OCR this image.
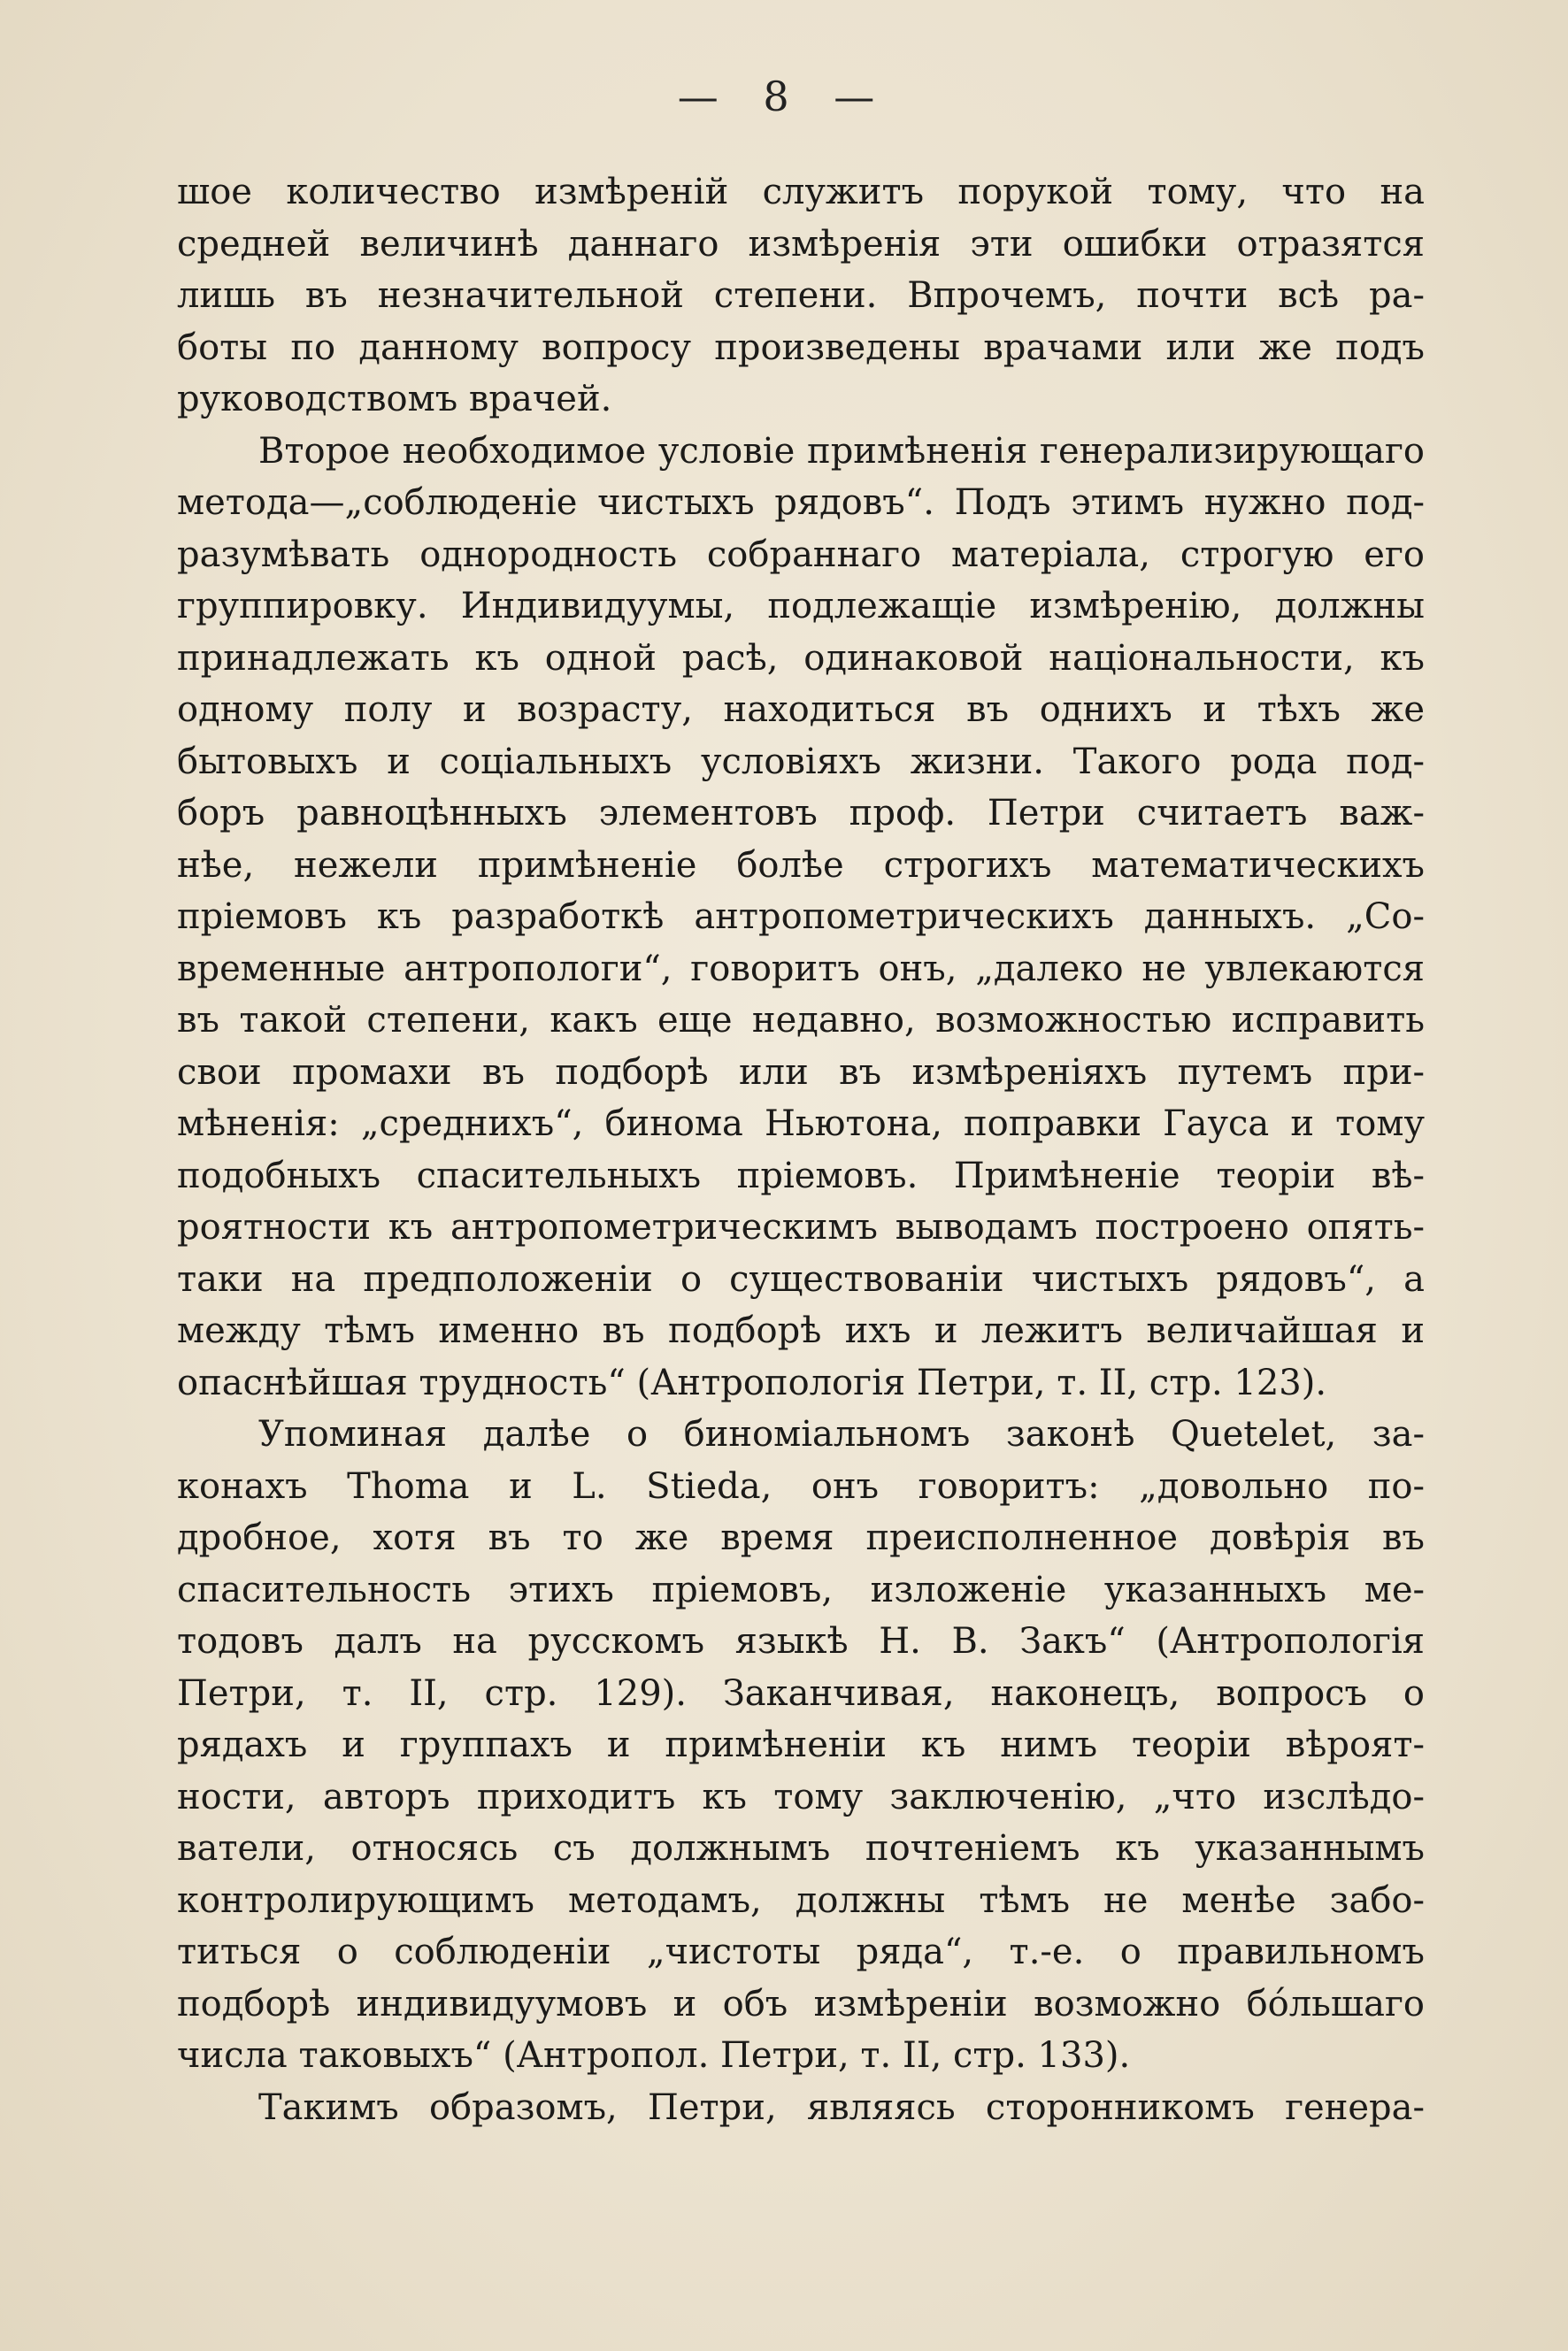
— 8 —
шое количество измѣреній служитъ порукой тому, что на
средней величинѣ даннаго измѣренія эти ошибки отразятся
лишь въ незначительной степени. Впрочемъ, почти всѣ ра-
боты по данному вопросу произведены врачами или же подъ
руководствомъ врачей.
Второе необходимое условіе примѣненія генерализирующаго
метода—„соблюденіе чистыхъ рядовъ“. Подъ этимъ нужно под-
разумѣвать однородность собраннаго матеріала, строгую его
группировку. Индивидуумы, подлежащіе измѣренію, должны
принадлежать къ одной расѣ, одинаковой національности, къ
одному полу и возрасту, находиться въ однихъ и тѣхъ же
бытовыхъ и соціальныхъ условіяхъ жизни. Такого рода под-
боръ равноцѣнныхъ элементовъ проф. Петри считаетъ важ-
нѣе, нежели примѣненіе болѣе строгихъ математическихъ
пріемовъ къ разработкѣ антропометрическихъ данныхъ. „Со-
временные антропологи“, говоритъ онъ, „далеко не увлекаются
въ такой степени, какъ еще недавно, возможностью исправить
свои промахи въ подборѣ или въ измѣреніяхъ путемъ при-
мѣненія: „среднихъ“, бинома Ньютона, поправки Гауса и тому
подобныхъ спасительныхъ пріемовъ. Примѣненіе теоріи вѣ-
роятности къ антропометрическимъ выводамъ построено опять-
таки на предположеніи о существованіи чистыхъ рядовъ“, а
между тѣмъ именно въ подборѣ ихъ и лежитъ величайшая и
опаснѣйшая трудность“ (Антропологія Петри, т. II, стр. 123).
Упоминая далѣе о биноміальномъ законѣ Quetelet, за-
конахъ Thoma и L. Stieda, онъ говоритъ: „довольно по-
дробное, хотя въ то же время преисполненное довѣрія въ
спасительность этихъ пріемовъ, изложеніе указанныхъ ме-
тодовъ далъ на русскомъ языкѣ Н. В. Закъ“ (Антропологія
Петри, т. II, стр. 129). Заканчивая, наконецъ, вопросъ о
рядахъ и группахъ и примѣненіи къ нимъ теоріи вѣроят-
ности, авторъ приходитъ къ тому заключенію, „что изслѣдо-
ватели, относясь съ должнымъ почтеніемъ къ указаннымъ
контролирующимъ методамъ, должны тѣмъ не менѣе забо-
титься о соблюденіи „чистоты ряда“, т.-е. о правильномъ
подборѣ индивидуумовъ и объ измѣреніи возможно бо́льшаго
числа таковыхъ“ (Антропол. Петри, т. II, стр. 133).
Такимъ образомъ, Петри, являясь сторонникомъ генера-
